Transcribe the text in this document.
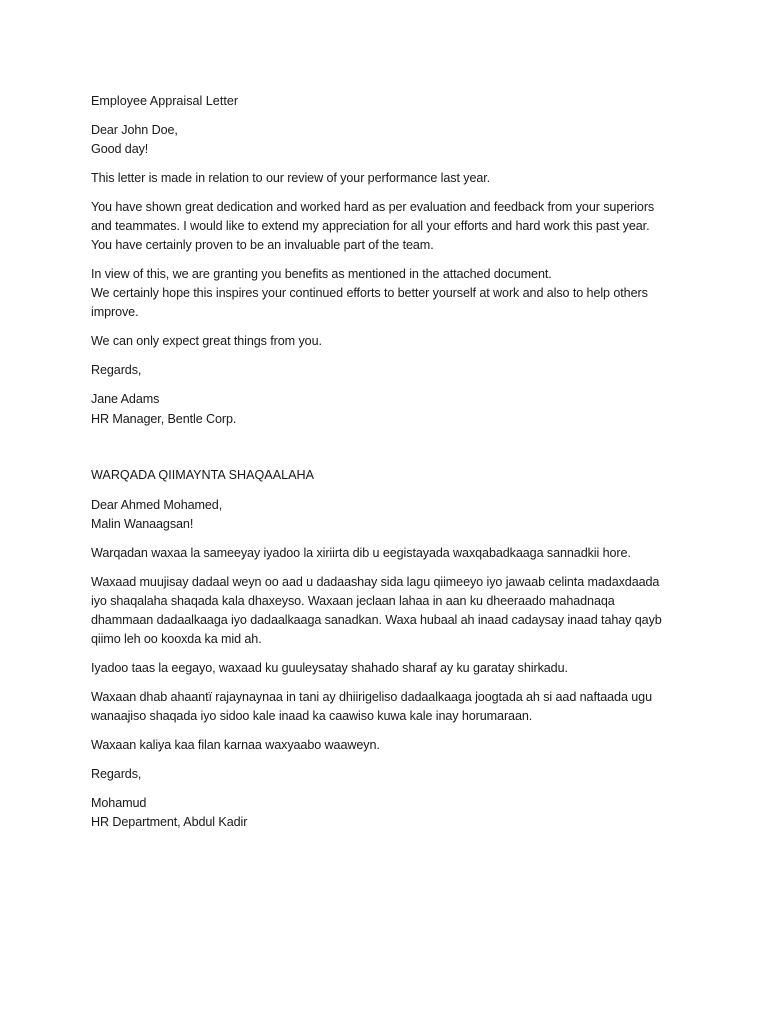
Employee Appraisal Letter
Dear John Doe,
Good day!
This letter is made in relation to our review of your performance last year.
You have shown great dedication and worked hard as per evaluation and feedback from your superiors
and teammates. I would like to extend my appreciation for all your efforts and hard work this past year.
You have certainly proven to be an invaluable part of the team.
In view of this, we are granting you benefits as mentioned in the attached document.
We certainly hope this inspires your continued efforts to better yourself at work and also to help others
improve.
We can only expect great things from you.
Regards,
Jane Adams
HR Manager, Bentle Corp.
WARQADA QIIMAYNTA SHAQAALAHA
Dear Ahmed Mohamed,
Malin Wanaagsan!
Warqadan waxaa la sameeyay iyadoo la xiriirta dib u eegistayada waxqabadkaaga sannadkii hore.
Waxaad muujisay dadaal weyn oo aad u dadaashay sida lagu qiimeeyo iyo jawaab celinta madaxdaada
iyo shaqalaha shaqada kala dhaxeyso. Waxaan jeclaan lahaa in aan ku dheeraado mahadnaqa
dhammaan dadaalkaaga iyo dadaalkaaga sanadkan. Waxa hubaal ah inaad cadaysay inaad tahay qayb
qiimo leh oo kooxda ka mid ah.
Iyadoo taas la eegayo, waxaad ku guuleysatay shahado sharaf ay ku garatay shirkadu.
Waxaan dhab ahaantï rajaynaynaa in tani ay dhiirigeliso dadaalkaaga joogtada ah si aad naftaada ugu
wanaajiso shaqada iyo sidoo kale inaad ka caawiso kuwa kale inay horumaraan.
Waxaan kaliya kaa filan karnaa waxyaabo waaweyn.
Regards,
Mohamud
HR Department, Abdul Kadir
